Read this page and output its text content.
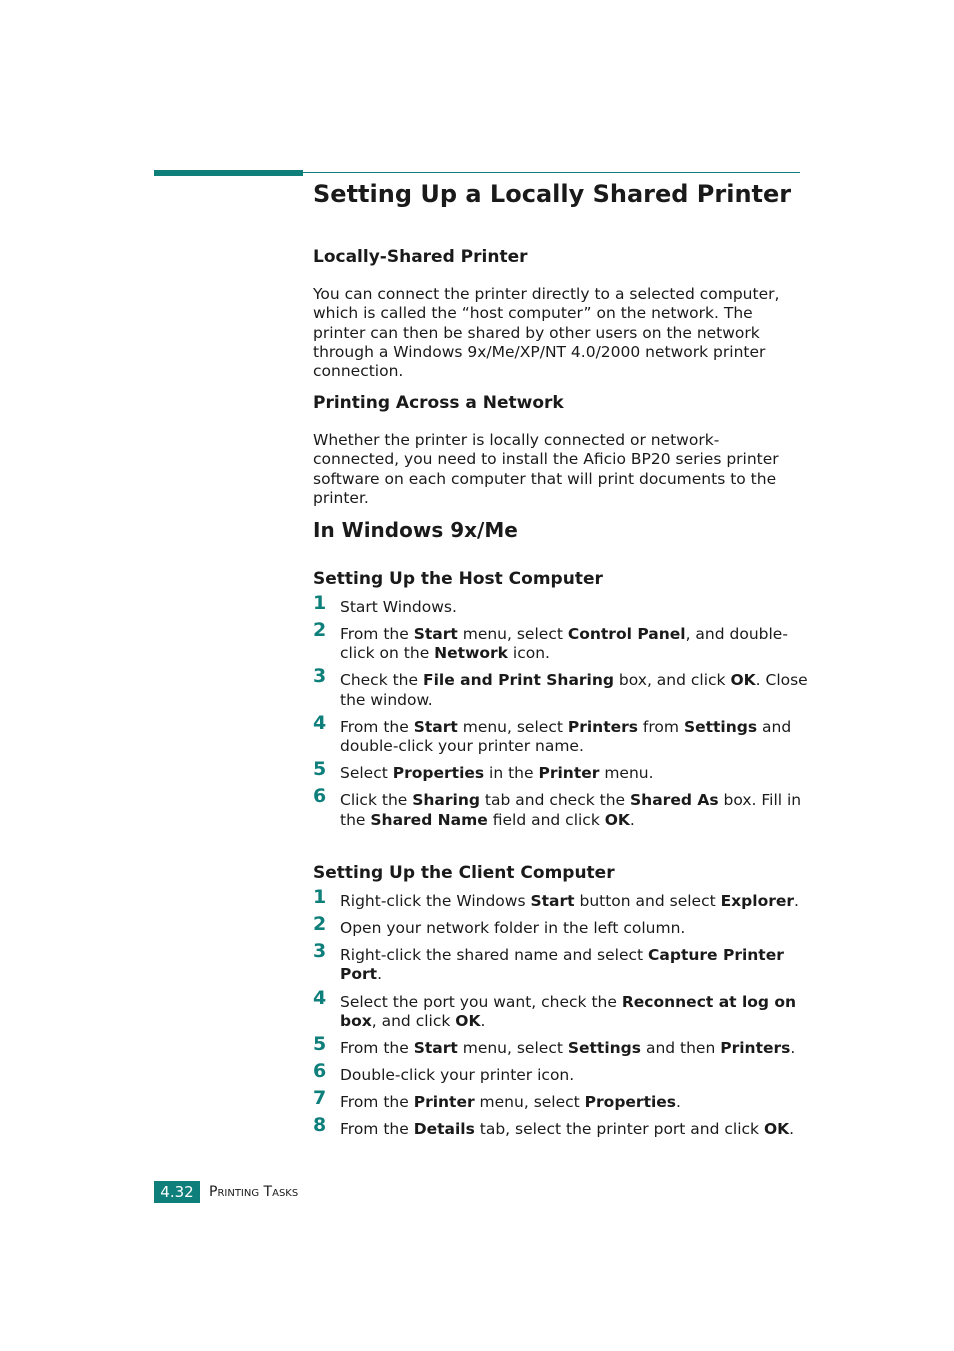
Setting Up a Locally Shared Printer
Locally-Shared Printer

You can connect the printer directly to a selected computer, which is called the “host computer” on the network. The printer can then be shared by other users on the network through a Windows 9x/Me/XP/NT 4.0/2000 network printer connection.

Printing Across a Network

Whether the printer is locally connected or network-connected, you need to install the Aficio BP20 series printer software on each computer that will print documents to the printer.

In Windows 9x/Me
Setting Up the Host Computer
1 Start Windows.
2 From the Start menu, select Control Panel, and double-click on the Network icon.
3 Check the File and Print Sharing box, and click OK. Close the window.
4 From the Start menu, select Printers from Settings and double-click your printer name.
5 Select Properties in the Printer menu.
6 Click the Sharing tab and check the Shared As box. Fill in the Shared Name field and click OK.
Setting Up the Client Computer
1 Right-click the Windows Start button and select Explorer.
2 Open your network folder in the left column.
3 Right-click the shared name and select Capture Printer Port.
4 Select the port you want, check the Reconnect at log on box, and click OK.
5 From the Start menu, select Settings and then Printers.
6 Double-click your printer icon.
7 From the Printer menu, select Properties.
8 From the Details tab, select the printer port and click OK.
4.32	Printing Tasks
